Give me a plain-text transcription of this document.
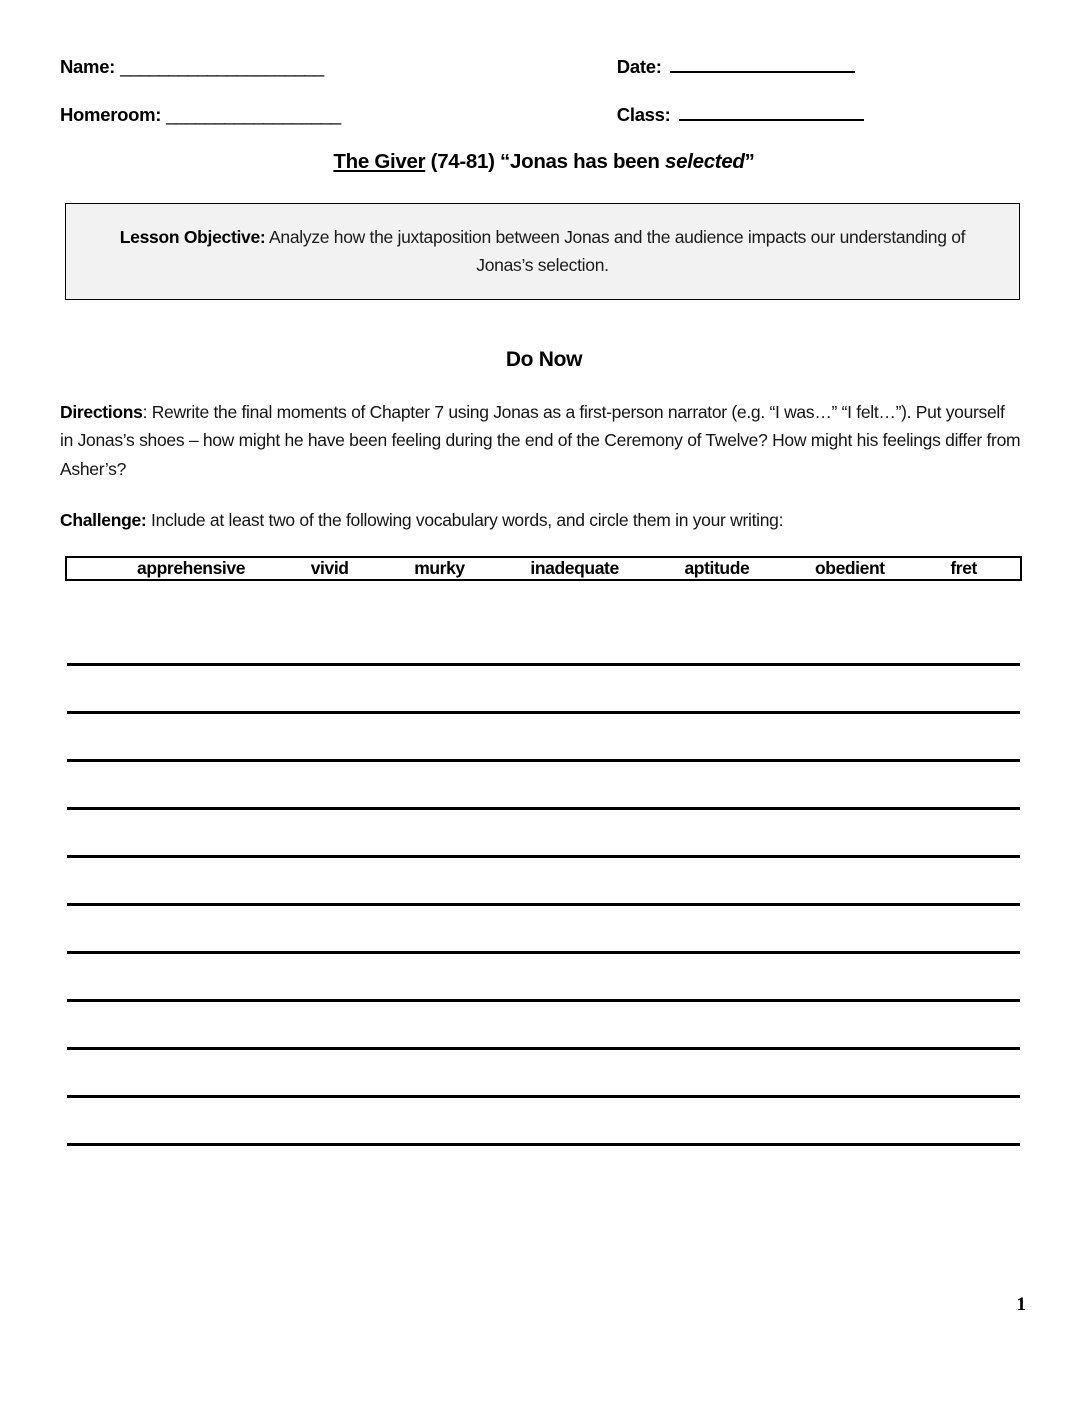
Name: _____________________	Date:
Homeroom: __________________	Class:
The Giver (74-81) “Jonas has been selected”
Lesson Objective: Analyze how the juxtaposition between Jonas and the audience impacts our understanding of Jonas’s selection.
Do Now
Directions: Rewrite the final moments of Chapter 7 using Jonas as a first-person narrator (e.g. “I was…” “I felt…”). Put yourself in Jonas’s shoes – how might he have been feeling during the end of the Ceremony of Twelve? How might his feelings differ from Asher’s?
Challenge: Include at least two of the following vocabulary words, and circle them in your writing:
apprehensive	vivid	murky	inadequate	aptitude	obedient	fret
1
